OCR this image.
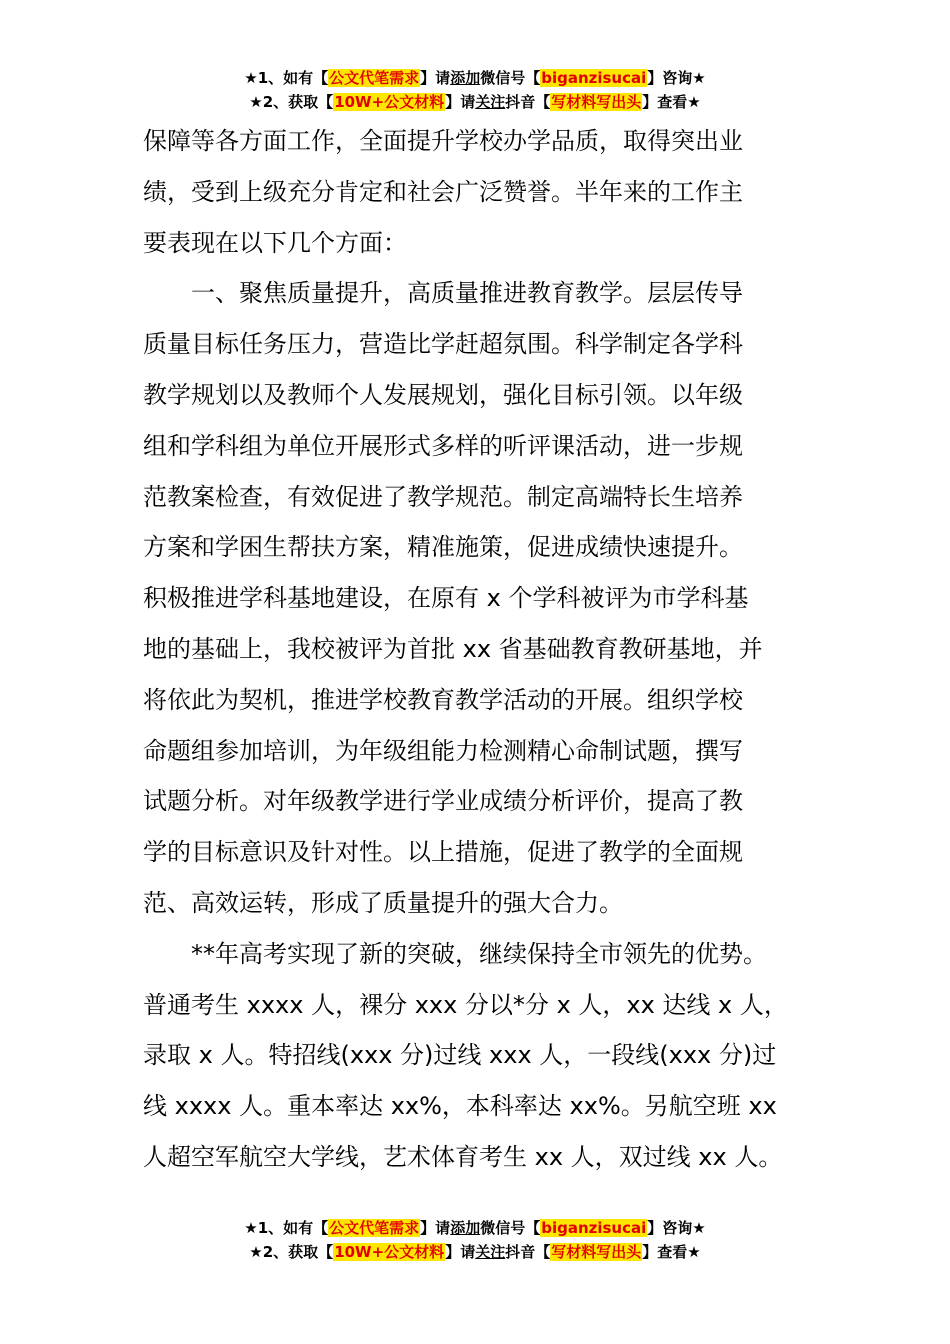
★1、如有【公文代笔需求】请添加微信号【biganzisucai】咨询★
★2、获取【10W+公文材料】请关注抖音【写材料写出头】查看★
保障等各方面工作，全面提升学校办学品质，取得突出业
绩，受到上级充分肯定和社会广泛赞誉。半年来的工作主
要表现在以下几个方面：
一、聚焦质量提升，高质量推进教育教学。层层传导
质量目标任务压力，营造比学赶超氛围。科学制定各学科
教学规划以及教师个人发展规划，强化目标引领。以年级
组和学科组为单位开展形式多样的听评课活动，进一步规
范教案检查，有效促进了教学规范。制定高端特长生培养
方案和学困生帮扶方案，精准施策，促进成绩快速提升。
积极推进学科基地建设，在原有 x 个学科被评为市学科基
地的基础上，我校被评为首批 xx 省基础教育教研基地，并
将依此为契机，推进学校教育教学活动的开展。组织学校
命题组参加培训，为年级组能力检测精心命制试题，撰写
试题分析。对年级教学进行学业成绩分析评价，提高了教
学的目标意识及针对性。以上措施，促进了教学的全面规
范、高效运转，形成了质量提升的强大合力。
**年高考实现了新的突破，继续保持全市领先的优势。
普通考生 xxxx 人，裸分 xxx 分以*分 x 人，xx 达线 x 人，
录取 x 人。特招线(xxx 分)过线 xxx 人，一段线(xxx 分)过
线 xxxx 人。重本率达 xx%，本科率达 xx%。另航空班 xx
人超空军航空大学线，艺术体育考生 xx 人，双过线 xx 人。
★1、如有【公文代笔需求】请添加微信号【biganzisucai】咨询★
★2、获取【10W+公文材料】请关注抖音【写材料写出头】查看★
